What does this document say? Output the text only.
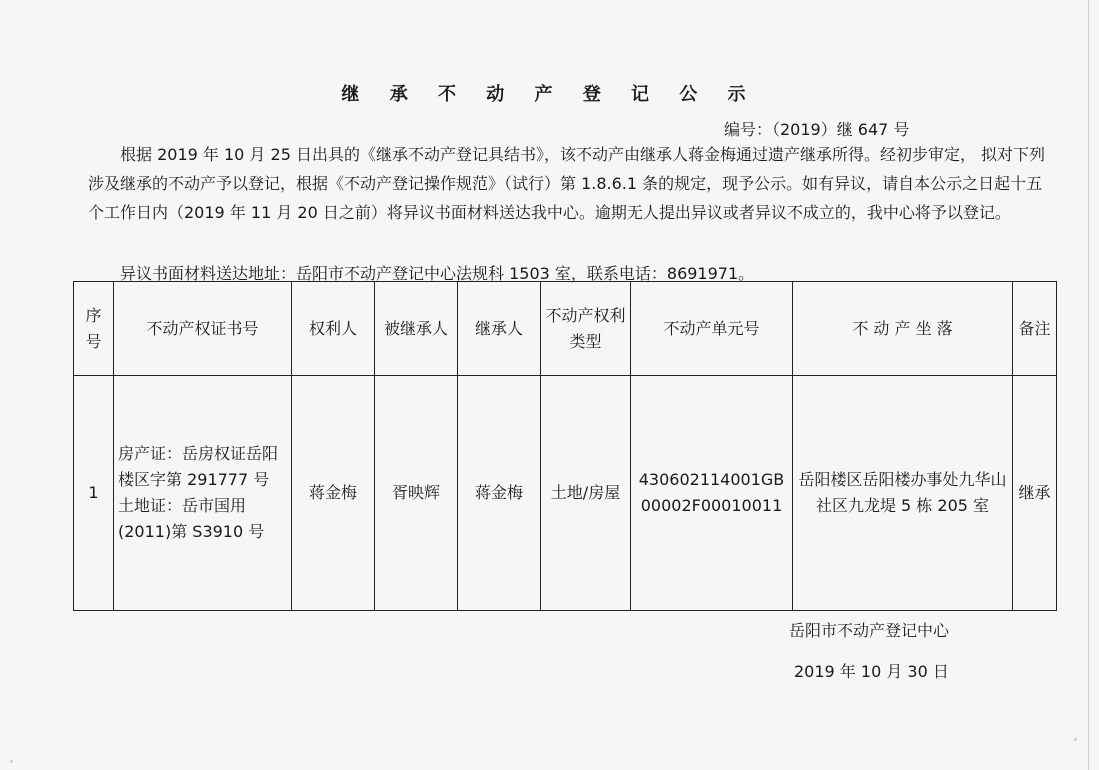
继 承 不 动 产 登 记 公 示
编号：（2019）继 647 号

根据 2019 年 10 月 25 日出具的《继承不动产登记具结书》，该不动产由继承人蒋金梅通过遗产继承所得。经初步审定， 拟对下列涉及继承的不动产予以登记，根据《不动产登记操作规范》（试行）第 1.8.6.1 条的规定，现予公示。如有异议，请自本公示之日起十五个工作日内（2019 年 11 月 20 日之前）将异议书面材料送达我中心。逾期无人提出异议或者异议不成立的，我中心将予以登记。

异议书面材料送达地址：岳阳市不动产登记中心法规科 1503 室，联系电话：8691971。
序号	不动产权证书号	权利人	被继承人	继承人	不动产权利类型	不动产单元号	不 动 产 坐 落	备注
1	房产证：岳房权证岳阳楼区字第 291777 号
土地证：岳市国用(2011)第 S3910 号	蒋金梅	胥映辉	蒋金梅	土地/房屋	430602114001GB00002F00010011	岳阳楼区岳阳楼办事处九华山社区九龙堤 5 栋 205 室	继承
岳阳市不动产登记中心
2019 年 10 月 30 日
